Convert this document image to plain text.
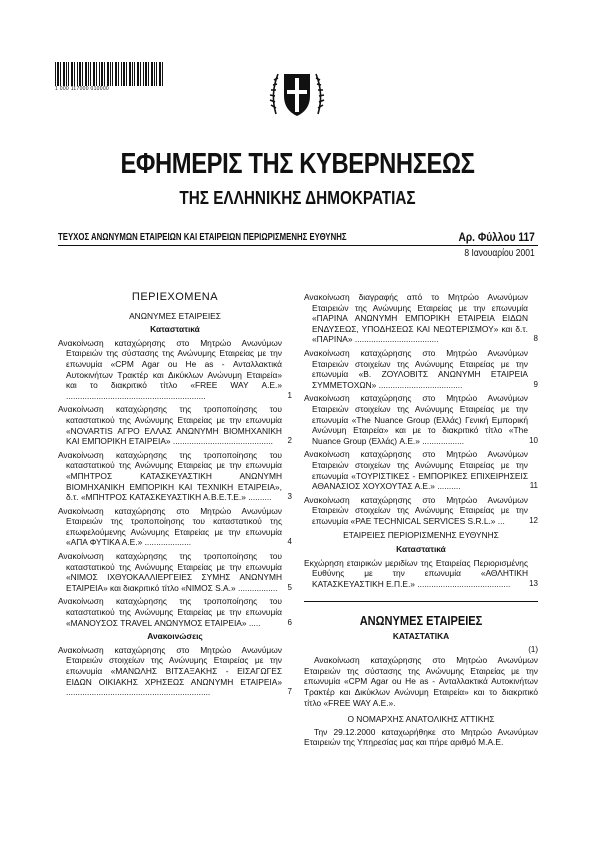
1 000 117000 010000
ΕΦΗΜΕΡΙΣ ΤΗΣ ΚΥΒΕΡΝΗΣΕΩΣ
ΤΗΣ ΕΛΛΗΝΙΚΗΣ ΔΗΜΟΚΡΑΤΙΑΣ
ΤΕΥΧΟΣ ΑΝΩΝΥΜΩΝ ΕΤΑΙΡΕΙΩΝ ΚΑΙ ΕΤΑΙΡΕΙΩΝ ΠΕΡΙΩΡΙΣΜΕΝΗΣ ΕΥΘΥΝΗΣ	Αρ. Φύλλου 117
8 Ιανουαρίου 2001
ΠΕΡΙΕΧΟΜΕΝΑ
ΑΝΩΝΥΜΕΣ ΕΤΑΙΡΕΙΕΣ
Καταστατικά
Ανακοίνωση καταχώρησης στο Μητρώο Ανωνύμων Εταιρειών της σύστασης της Ανώνυμης Εταιρείας με την επωνυμία «CPM Agar ou He as - Ανταλλακτικά Αυτοκινήτων Τρακτέρ και Δικύκλων Ανώνυμη Εταιρεία» και το διακριτικό τίτλο «FREE WAY Α.Ε.» ............................................................	1
Ανακοίνωση καταχώρησης της τροποποίησης του καταστατικού της Ανώνυμης Εταιρείας με την επωνυμία «NOVARTIS ΑΓΡΟ ΕΛΛΑΣ ΑΝΩΝΥΜΗ ΒΙΟΜΗΧΑΝΙΚΗ ΚΑΙ ΕΜΠΟΡΙΚΗ ΕΤΑΙΡΕΙΑ» ...........................................	2
Ανακοίνωση καταχώρησης της τροποποίησης του καταστατικού της Ανώνυμης Εταιρείας με την επωνυμία «ΜΠΗΤΡΟΣ ΚΑΤΑΣΚΕΥΑΣΤΙΚΗ ΑΝΩΝΥΜΗ ΒΙΟΜΗΧΑΝΙΚΗ ΕΜΠΟΡΙΚΗ ΚΑΙ ΤΕΧΝΙΚΗ ΕΤΑΙΡΕΙΑ», δ.τ. «ΜΠΗΤΡΟΣ ΚΑΤΑΣΚΕΥΑΣΤΙΚΗ Α.Β.Ε.Τ.Ε.» ..........	3
Ανακοίνωση καταχώρησης στο Μητρώο Ανωνύμων Εταιρειών της τροποποίησης του καταστατικού της επωφελούμενης Ανώνυμης Εταιρείας με την επωνυμία «ΑΠΑ ΦΥΤΙΚΑ Α.Ε.» ....................	4
Ανακοίνωση καταχώρησης της τροποποίησης του καταστατικού της Ανώνυμης Εταιρείας με την επωνυμία «ΝΙΜΟΣ ΙΧΘΥΟΚΑΛΛΙΕΡΓΕΙΕΣ ΣΥΜΗΣ ΑΝΩΝΥΜΗ ΕΤΑΙΡΕΙΑ» και διακριτικό τίτλο «ΝΙΜΟΣ S.A.» .................	5
Ανακοίνωση καταχώρησης της τροποποίησης του καταστατικού της Ανώνυμης Εταιρείας με την επωνυμία «ΜΑΝΟΥΣΟΣ TRAVEL ΑΝΩΝΥΜΟΣ ΕΤΑΙΡΕΙΑ» .....	6
Ανακοινώσεις
Ανακοίνωση καταχώρησης στο Μητρώο Ανωνύμων Εταιρειών στοιχείων της Ανώνυμης Εταιρείας με την επωνυμία «ΜΑΝΩΛΗΣ ΒΙΤΣΑΞΑΚΗΣ - ΕΙΣΑΓΩΓΕΣ ΕΙΔΩΝ ΟΙΚΙΑΚΗΣ ΧΡΗΣΕΩΣ ΑΝΩΝΥΜΗ ΕΤΑΙΡΕΙΑ» ..............................................................	7
Ανακοίνωση διαγραφής από το Μητρώο Ανωνύμων Εταιρειών της Ανώνυμης Εταιρείας με την επωνυμία «ΠΑΡΙΝΑ ΑΝΩΝΥΜΗ ΕΜΠΟΡΙΚΗ ΕΤΑΙΡΕΙΑ ΕΙΔΩΝ ΕΝΔΥΣΕΩΣ, ΥΠΟΔΗΣΕΩΣ ΚΑΙ ΝΕΩΤΕΡΙΣΜΟΥ» και δ.τ. «ΠΑΡΙΝΑ» ....................................	8
Ανακοίνωση καταχώρησης στο Μητρώο Ανωνύμων Εταιρειών στοιχείων της Ανώνυμης Εταιρείας με την επωνυμία «Β. ΖΟΥΛΟΒΙΤΣ ΑΝΩΝΥΜΗ ΕΤΑΙΡΕΙΑ ΣΥΜΜΕΤΟΧΩΝ» ....................................	9
Ανακοίνωση καταχώρησης στο Μητρώο Ανωνύμων Εταιρειών στοιχείων της Ανώνυμης Εταιρείας με την επωνυμία «The Nuance Group (Ελλάς) Γενική Εμπορική Ανώνυμη Εταιρεία» και με το διακριτικό τίτλο «The Nuance Group (Ελλάς) Α.Ε.» ..................	10
Ανακοίνωση καταχώρησης στο Μητρώο Ανωνύμων Εταιρειών στοιχείων της Ανώνυμης Εταιρείας με την επωνυμία «ΤΟΥΡΙΣΤΙΚΕΣ - ΕΜΠΟΡΙΚΕΣ ΕΠΙΧΕΙΡΗΣΕΙΣ ΑΘΑΝΑΣΙΟΣ ΧΟΥΧΟΥΤΑΣ Α.Ε.» ..........	11
Ανακοίνωση καταχώρησης στο Μητρώο Ανωνύμων Εταιρειών στοιχείων της Ανώνυμης Εταιρείας με την επωνυμία «PAE TECHNICAL SERVICES S.R.L.» ...	12
ΕΤΑΙΡΕΙΕΣ ΠΕΡΙΟΡΙΣΜΕΝΗΣ ΕΥΘΥΝΗΣ
Καταστατικά
Εκχώρηση εταιρικών μεριδίων της Εταιρείας Περιορισμένης Ευθύνης με την επωνυμία «ΑΘΛΗΤΙΚΗ ΚΑΤΑΣΚΕΥΑΣΤΙΚΗ Ε.Π.Ε.» ........................................	13
ΑΝΩΝΥΜΕΣ ΕΤΑΙΡΕΙΕΣ
ΚΑΤΑΣΤΑΤΙΚΑ
(1)
Ανακοίνωση καταχώρησης στο Μητρώο Ανωνύμων Εταιρειών της σύστασης της Ανώνυμης Εταιρείας με την επωνυμία «CPM Agar ou He as - Ανταλλακτικά Αυτοκινήτων Τρακτέρ και Δικύκλων Ανώνυμη Εταιρεία» και το διακριτικό τίτλο «FREE WAY A.E.».
Ο ΝΟΜΑΡΧΗΣ ΑΝΑΤΟΛΙΚΗΣ ΑΤΤΙΚΗΣ
Την 29.12.2000 καταχωρήθηκε στο Μητρώο Ανωνύμων Εταιρειών της Υπηρεσίας μας και πήρε αριθμό Μ.Α.Ε.
